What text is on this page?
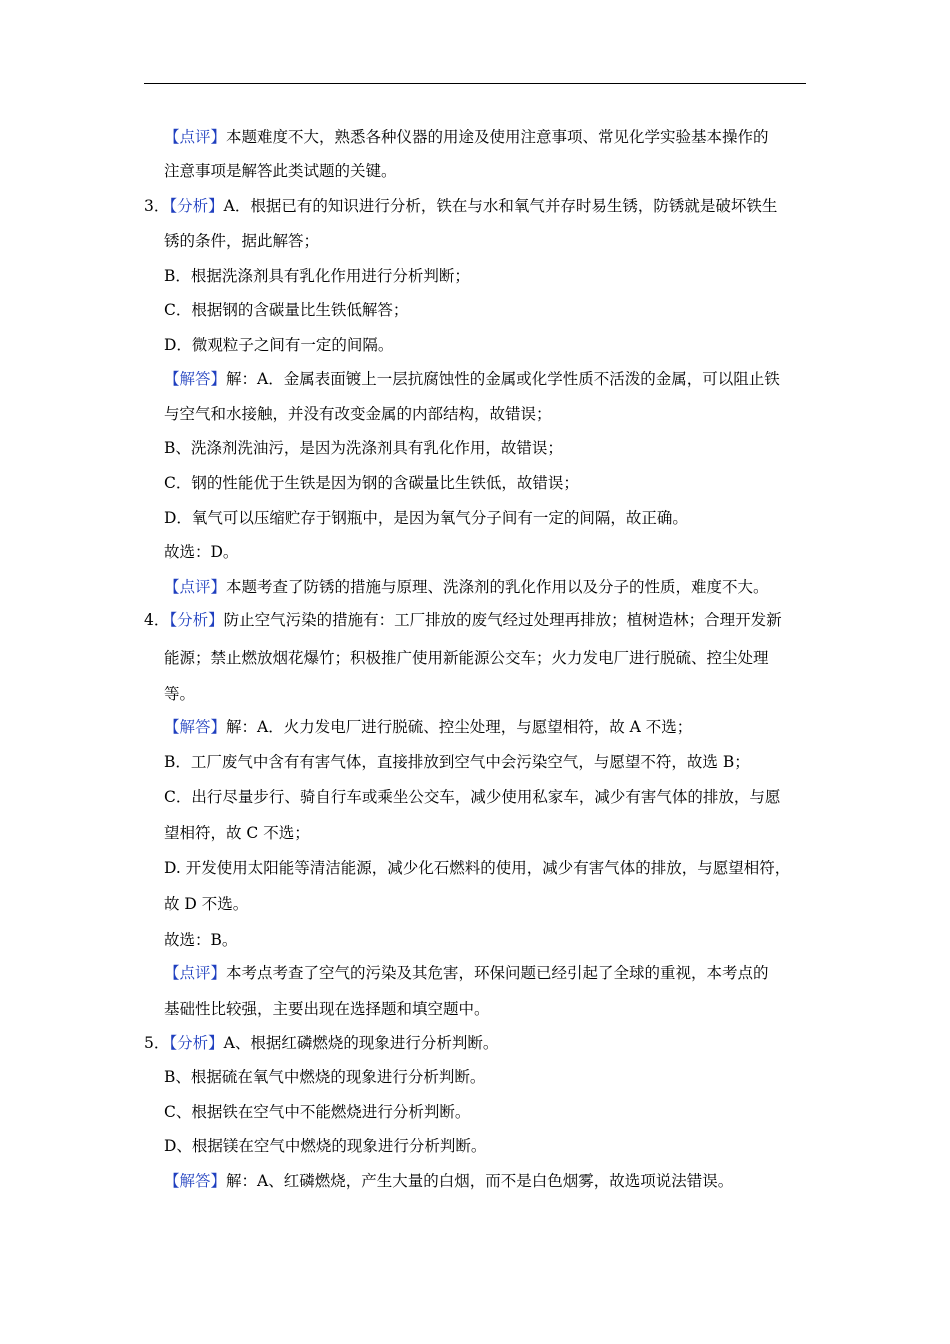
【点评】本题难度不大，熟悉各种仪器的用途及使用注意事项、常见化学实验基本操作的
注意事项是解答此类试题的关键。
3．【分析】A．根据已有的知识进行分析，铁在与水和氧气并存时易生锈，防锈就是破坏铁生
锈的条件，据此解答；
B．根据洗涤剂具有乳化作用进行分析判断；
C．根据钢的含碳量比生铁低解答；
D．微观粒子之间有一定的间隔。
【解答】解：A．金属表面镀上一层抗腐蚀性的金属或化学性质不活泼的金属，可以阻止铁
与空气和水接触，并没有改变金属的内部结构，故错误；
B、洗涤剂洗油污，是因为洗涤剂具有乳化作用，故错误；
C．钢的性能优于生铁是因为钢的含碳量比生铁低，故错误；
D．氧气可以压缩贮存于钢瓶中，是因为氧气分子间有一定的间隔，故正确。
故选：D。
【点评】本题考查了防锈的措施与原理、洗涤剂的乳化作用以及分子的性质，难度不大。
4．【分析】防止空气污染的措施有：工厂排放的废气经过处理再排放；植树造林；合理开发新
能源；禁止燃放烟花爆竹；积极推广使用新能源公交车；火力发电厂进行脱硫、控尘处理
等。
【解答】解：A．火力发电厂进行脱硫、控尘处理，与愿望相符，故 A 不选；
B．工厂废气中含有有害气体，直接排放到空气中会污染空气，与愿望不符，故选 B；
C．出行尽量步行、骑自行车或乘坐公交车，减少使用私家车，减少有害气体的排放，与愿
望相符，故 C 不选；
D. 开发使用太阳能等清洁能源，减少化石燃料的使用，减少有害气体的排放，与愿望相符，
故 D 不选。
故选：B。
【点评】本考点考查了空气的污染及其危害，环保问题已经引起了全球的重视，本考点的
基础性比较强，主要出现在选择题和填空题中。
5．【分析】A、根据红磷燃烧的现象进行分析判断。
B、根据硫在氧气中燃烧的现象进行分析判断。
C、根据铁在空气中不能燃烧进行分析判断。
D、根据镁在空气中燃烧的现象进行分析判断。
【解答】解：A、红磷燃烧，产生大量的白烟，而不是白色烟雾，故选项说法错误。
